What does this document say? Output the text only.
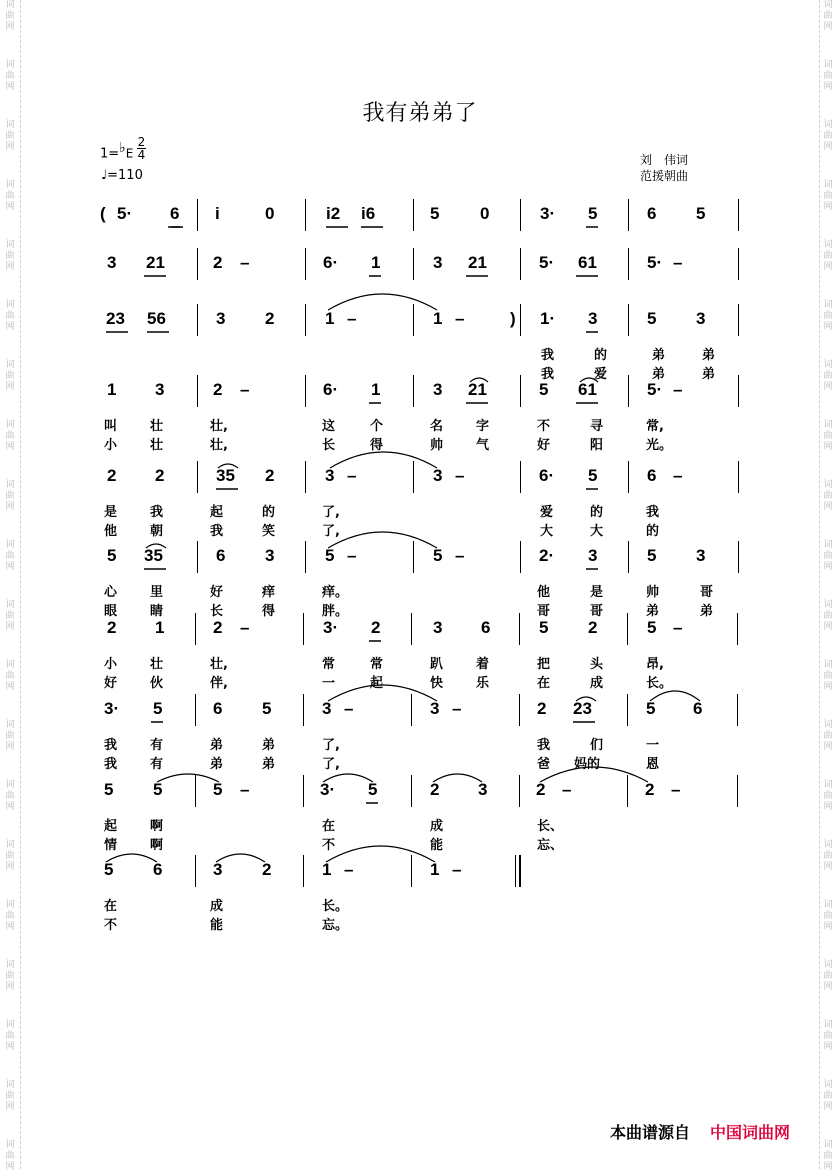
词
曲
网
词
曲
网
词
曲
网
词
曲
网
词
曲
网
词
曲
网
词
曲
网
词
曲
网
词
曲
网
词
曲
网
词
曲
网
词
曲
网
词
曲
网
词
曲
网
词
曲
网
词
曲
网
词
曲
网
词
曲
网
词
曲
网
词
曲
网
词
曲
网
词
曲
网
词
曲
网
词
曲
网
词
曲
网
词
曲
网
词
曲
网
词
曲
网
词
曲
网
词
曲
网
词
曲
网
词
曲
网
词
曲
网
词
曲
网
词
曲
网
词
曲
网
词
曲
网
词
曲
网
词
曲
网
词
曲
网
我有弟弟了
1=♭E
2
4
♩=110
刘　伟词
范援朝曲
( 5· 6 i	0	i2 i6	5 0	3· 5	6 5
3 21	2 –	6· 1	3 21	5· 61	5· –
23 56	3 2	1 –	1 –	) 1· 3	5 3
我	的	弟	弟
我	爱	弟	弟
1 3	2 –	6· 1	3 21	5 61	5· –
叫	壮	壮,	这	个	名	字	不	寻	常,
小	壮	壮,	长	得	帅	气	好	阳	光。
2 2	35 2	3 –	3 –	6· 5	6 –
是	我	起	的	了,	爱	的	我
他	朝	我	笑	了,	大	大	的
5 35	6 3	5 –	5 –	2· 3	5 3
心	里	好	痒	痒。	他	是	帅	哥
眼	睛	长	得	胖。	哥	哥	弟	弟
2 1	2 –	3· 2	3 6	5 2	5 –
小	壮	壮,	常	常	趴	着	把	头	昂,
好	伙	伴,	一	起	快	乐	在	成	长。
3· 5	6 5	3 –	3 –	2 23	5 6
我	有	弟	弟	了,	我	们	一
我	有	弟	弟	了,	爸 妈的	恩
5 5	5 –	3· 5	2 3	2 –	2 –
起	啊	在	成	长、
情	啊	不	能	忘、
5 6	3 2	1 –	1 –
在	成	长。
不	能	忘。
本曲谱源自 中国词曲网
